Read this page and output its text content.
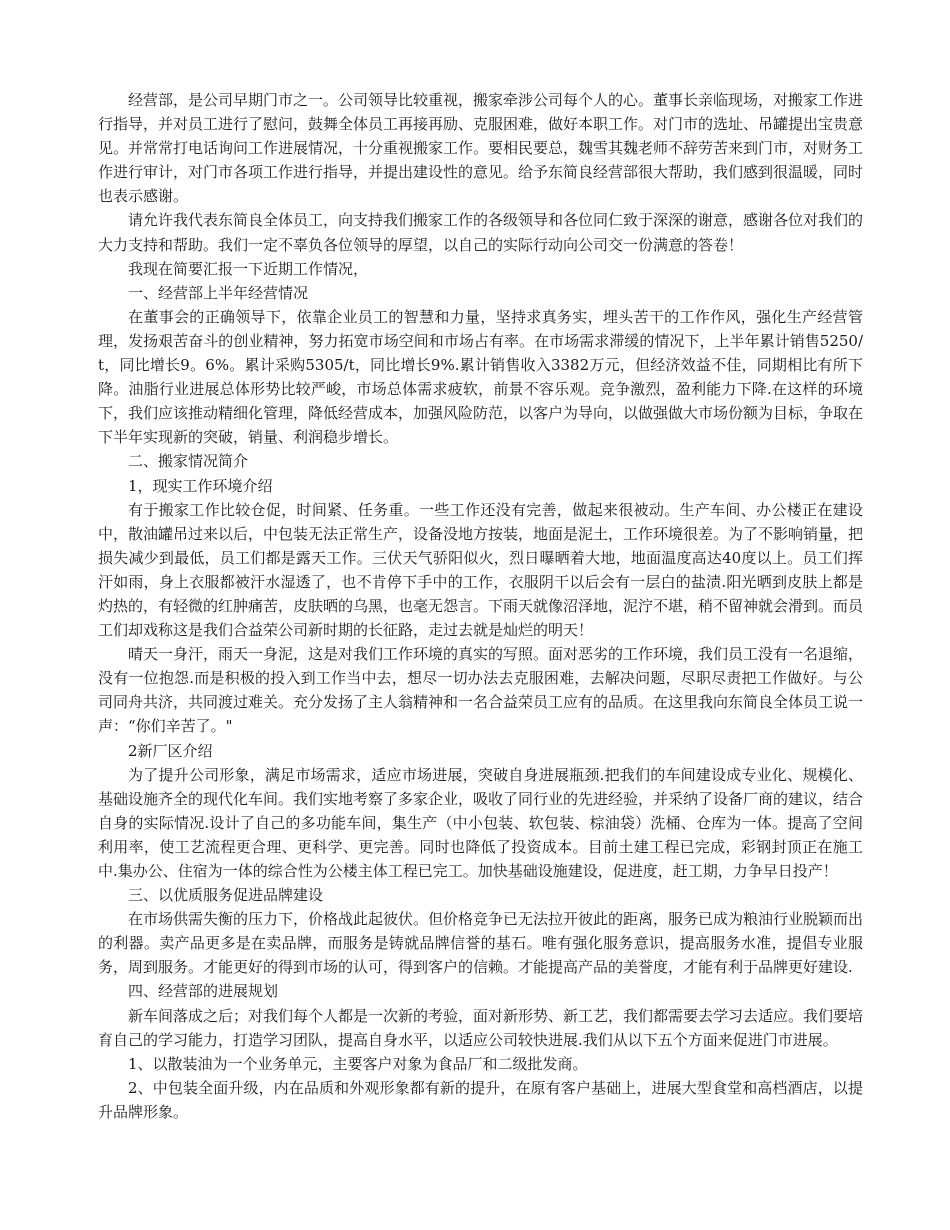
经营部，是公司早期门市之一。公司领导比较重视，搬家牵涉公司每个人的心。董事长亲临现场，对搬家工作进行指导，并对员工进行了慰问，鼓舞全体员工再接再励、克服困难，做好本职工作。对门市的选址、吊罐提出宝贵意见。并常常打电话询问工作进展情况，十分重视搬家工作。要相民要总，魏雪其魏老师不辞劳苦来到门市，对财务工作进行审计，对门市各项工作进行指导，并提出建设性的意见。给予东简良经营部很大帮助，我们感到很温暖，同时也表示感谢。

请允许我代表东简良全体员工，向支持我们搬家工作的各级领导和各位同仁致于深深的谢意，感谢各位对我们的大力支持和帮助。我们一定不辜负各位领导的厚望，以自己的实际行动向公司交一份满意的答卷！

我现在简要汇报一下近期工作情况，

一、经营部上半年经营情况

在董事会的正确领导下，依靠企业员工的智慧和力量，坚持求真务实，埋头苦干的工作作风，强化生产经营管理，发扬艰苦奋斗的创业精神，努力拓宽市场空间和市场占有率。在市场需求滞缓的情况下，上半年累计销售5250/t，同比增长9。6%。累计采购5305/t，同比增长9%.累计销售收入3382万元，但经济效益不佳，同期相比有所下降。油脂行业进展总体形势比较严峻，市场总体需求疲软，前景不容乐观。竞争激烈，盈利能力下降.在这样的环境下，我们应该推动精细化管理，降低经营成本，加强风险防范，以客户为导向，以做强做大市场份额为目标，争取在下半年实现新的突破，销量、利润稳步增长。

二、搬家情况简介

1，现实工作环境介绍

有于搬家工作比较仓促，时间紧、任务重。一些工作还没有完善，做起来很被动。生产车间、办公楼正在建设中，散油罐吊过来以后，中包装无法正常生产，设备没地方按装，地面是泥土，工作环境很差。为了不影响销量，把损失减少到最低，员工们都是露天工作。三伏天气骄阳似火，烈日曝晒着大地，地面温度高达40度以上。员工们挥汗如雨，身上衣服都被汗水湿透了，也不肯停下手中的工作，衣服阴干以后会有一层白的盐渍.阳光晒到皮肤上都是灼热的，有轻微的红肿痛苦，皮肤晒的乌黑，也毫无怨言。下雨天就像沼泽地，泥泞不堪，稍不留神就会滑到。而员工们却戏称这是我们合益荣公司新时期的长征路，走过去就是灿烂的明天！

晴天一身汗，雨天一身泥，这是对我们工作环境的真实的写照。面对恶劣的工作环境，我们员工没有一名退缩，没有一位抱怨.而是积极的投入到工作当中去，想尽一切办法去克服困难，去解决问题，尽职尽责把工作做好。与公司同舟共济，共同渡过难关。充分发扬了主人翁精神和一名合益荣员工应有的品质。在这里我向东简良全体员工说一声：“你们辛苦了。"

2新厂区介绍

为了提升公司形象，满足市场需求，适应市场进展，突破自身进展瓶颈.把我们的车间建设成专业化、规模化、基础设施齐全的现代化车间。我们实地考察了多家企业，吸收了同行业的先进经验，并采纳了设备厂商的建议，结合自身的实际情况.设计了自己的多功能车间，集生产（中小包装、软包装、棕油袋）洗桶、仓库为一体。提高了空间利用率，使工艺流程更合理、更科学、更完善。同时也降低了投资成本。目前土建工程已完成，彩钢封顶正在施工中.集办公、住宿为一体的综合性为公楼主体工程已完工。加快基础设施建设，促进度，赶工期，力争早日投产！

三、以优质服务促进品牌建设

在市场供需失衡的压力下，价格战此起彼伏。但价格竞争已无法拉开彼此的距离，服务已成为粮油行业脱颖而出的利器。卖产品更多是在卖品牌，而服务是铸就品牌信誉的基石。唯有强化服务意识，提高服务水准，提倡专业服务，周到服务。才能更好的得到市场的认可，得到客户的信赖。才能提高产品的美誉度，才能有利于品牌更好建设.

四、经营部的进展规划

新车间落成之后；对我们每个人都是一次新的考验，面对新形势、新工艺，我们都需要去学习去适应。我们要培育自己的学习能力，打造学习团队，提高自身水平，以适应公司较快进展.我们从以下五个方面来促进门市进展。

1、以散装油为一个业务单元，主要客户对象为食品厂和二级批发商。

2、中包装全面升级，内在品质和外观形象都有新的提升，在原有客户基础上，进展大型食堂和高档酒店，以提升品牌形象。
